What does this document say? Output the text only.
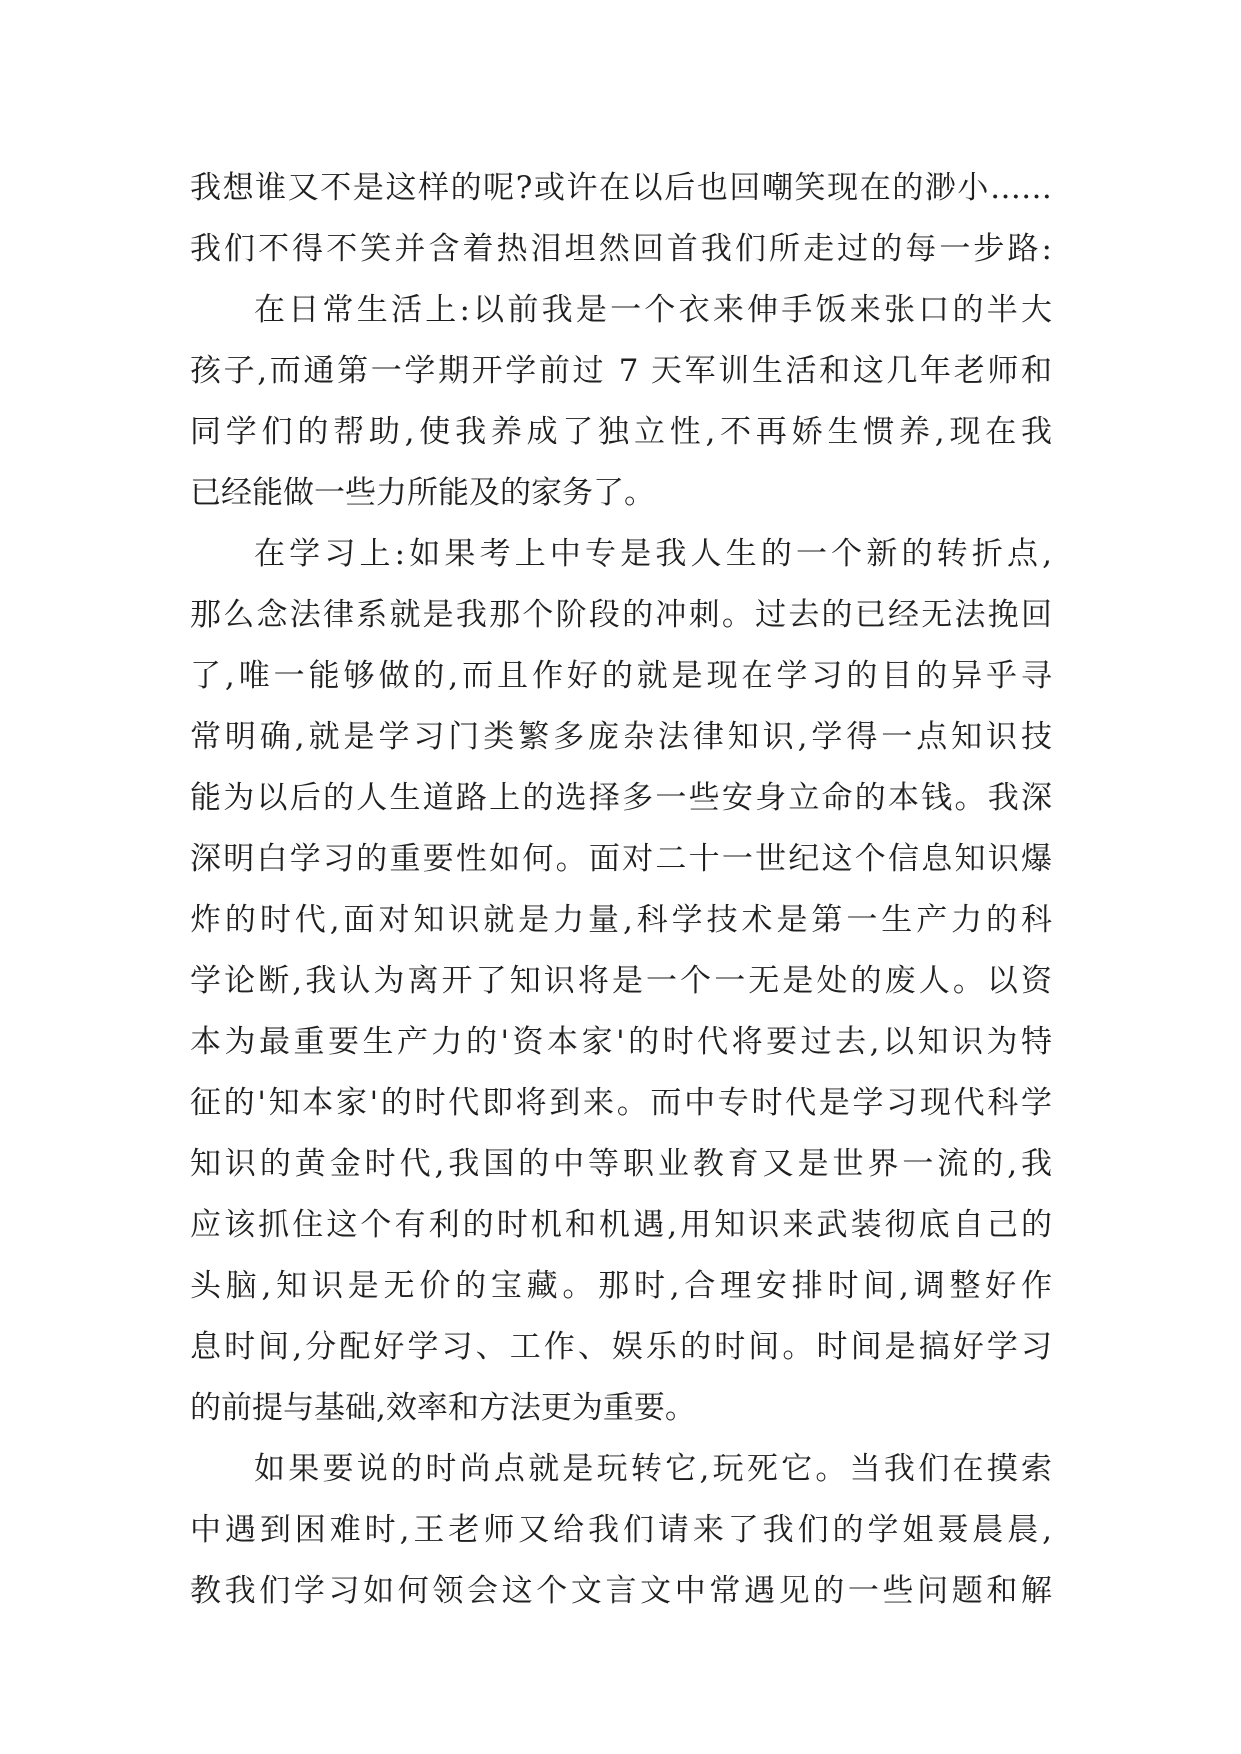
我想谁又不是这样的呢?或许在以后也回嘲笑现在的渺小……
我们不得不笑并含着热泪坦然回首我们所走过的每一步路:
在日常生活上:以前我是一个衣来伸手饭来张口的半大
孩子,而通第一学期开学前过 7 天军训生活和这几年老师和
同学们的帮助,使我养成了独立性,不再娇生惯养,现在我
已经能做一些力所能及的家务了。
在学习上:如果考上中专是我人生的一个新的转折点,
那么念法律系就是我那个阶段的冲刺。过去的已经无法挽回
了,唯一能够做的,而且作好的就是现在学习的目的异乎寻
常明确,就是学习门类繁多庞杂法律知识,学得一点知识技
能为以后的人生道路上的选择多一些安身立命的本钱。我深
深明白学习的重要性如何。面对二十一世纪这个信息知识爆
炸的时代,面对知识就是力量,科学技术是第一生产力的科
学论断,我认为离开了知识将是一个一无是处的废人。以资
本为最重要生产力的'资本家'的时代将要过去,以知识为特
征的'知本家'的时代即将到来。而中专时代是学习现代科学
知识的黄金时代,我国的中等职业教育又是世界一流的,我
应该抓住这个有利的时机和机遇,用知识来武装彻底自己的
头脑,知识是无价的宝藏。那时,合理安排时间,调整好作
息时间,分配好学习、工作、娱乐的时间。时间是搞好学习
的前提与基础,效率和方法更为重要。
如果要说的时尚点就是玩转它,玩死它。当我们在摸索
中遇到困难时,王老师又给我们请来了我们的学姐聂晨晨,
教我们学习如何领会这个文言文中常遇见的一些问题和解
